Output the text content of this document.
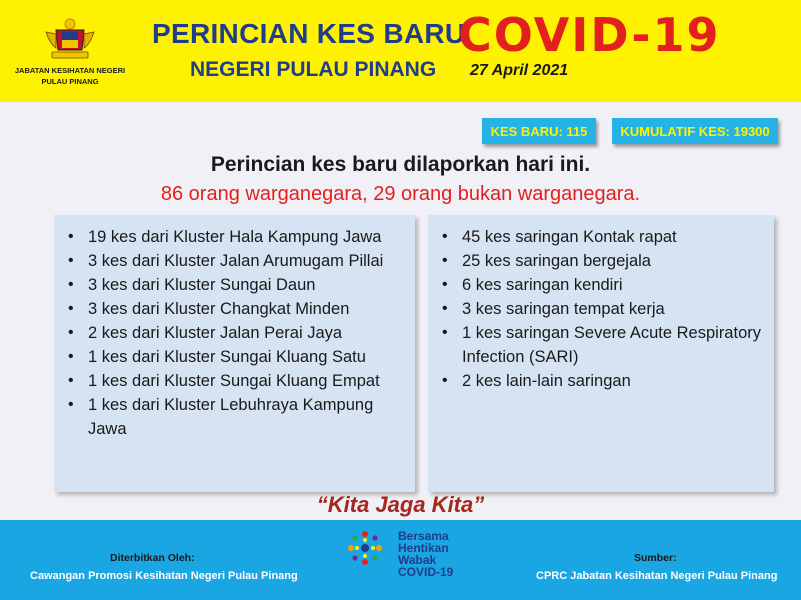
JABATAN KESIHATAN NEGERI
PULAU PINANG
PERINCIAN KES BARU
NEGERI PULAU PINANG
COVID-19
27 April 2021
KES BARU: 115	KUMULATIF KES: 19300
Perincian kes baru dilaporkan hari ini.
86 orang warganegara, 29 orang bukan warganegara.
• 19 kes dari Kluster Hala Kampung Jawa
• 3 kes dari Kluster Jalan Arumugam Pillai
• 3 kes dari Kluster Sungai Daun
• 3 kes dari Kluster Changkat Minden
• 2 kes dari Kluster Jalan Perai Jaya
• 1 kes dari Kluster Sungai Kluang Satu
• 1 kes dari Kluster Sungai Kluang Empat
• 1 kes dari Kluster Lebuhraya Kampung Jawa
• 45 kes saringan Kontak rapat
• 25 kes saringan bergejala
• 6 kes saringan kendiri
• 3 kes saringan tempat kerja
• 1 kes saringan Severe Acute Respiratory Infection (SARI)
• 2 kes lain-lain saringan
“Kita Jaga Kita”
Diterbitkan Oleh:
Cawangan Promosi Kesihatan Negeri Pulau Pinang
Bersama
Hentikan
Wabak
COVID-19
Sumber:
CPRC Jabatan Kesihatan Negeri Pulau Pinang
